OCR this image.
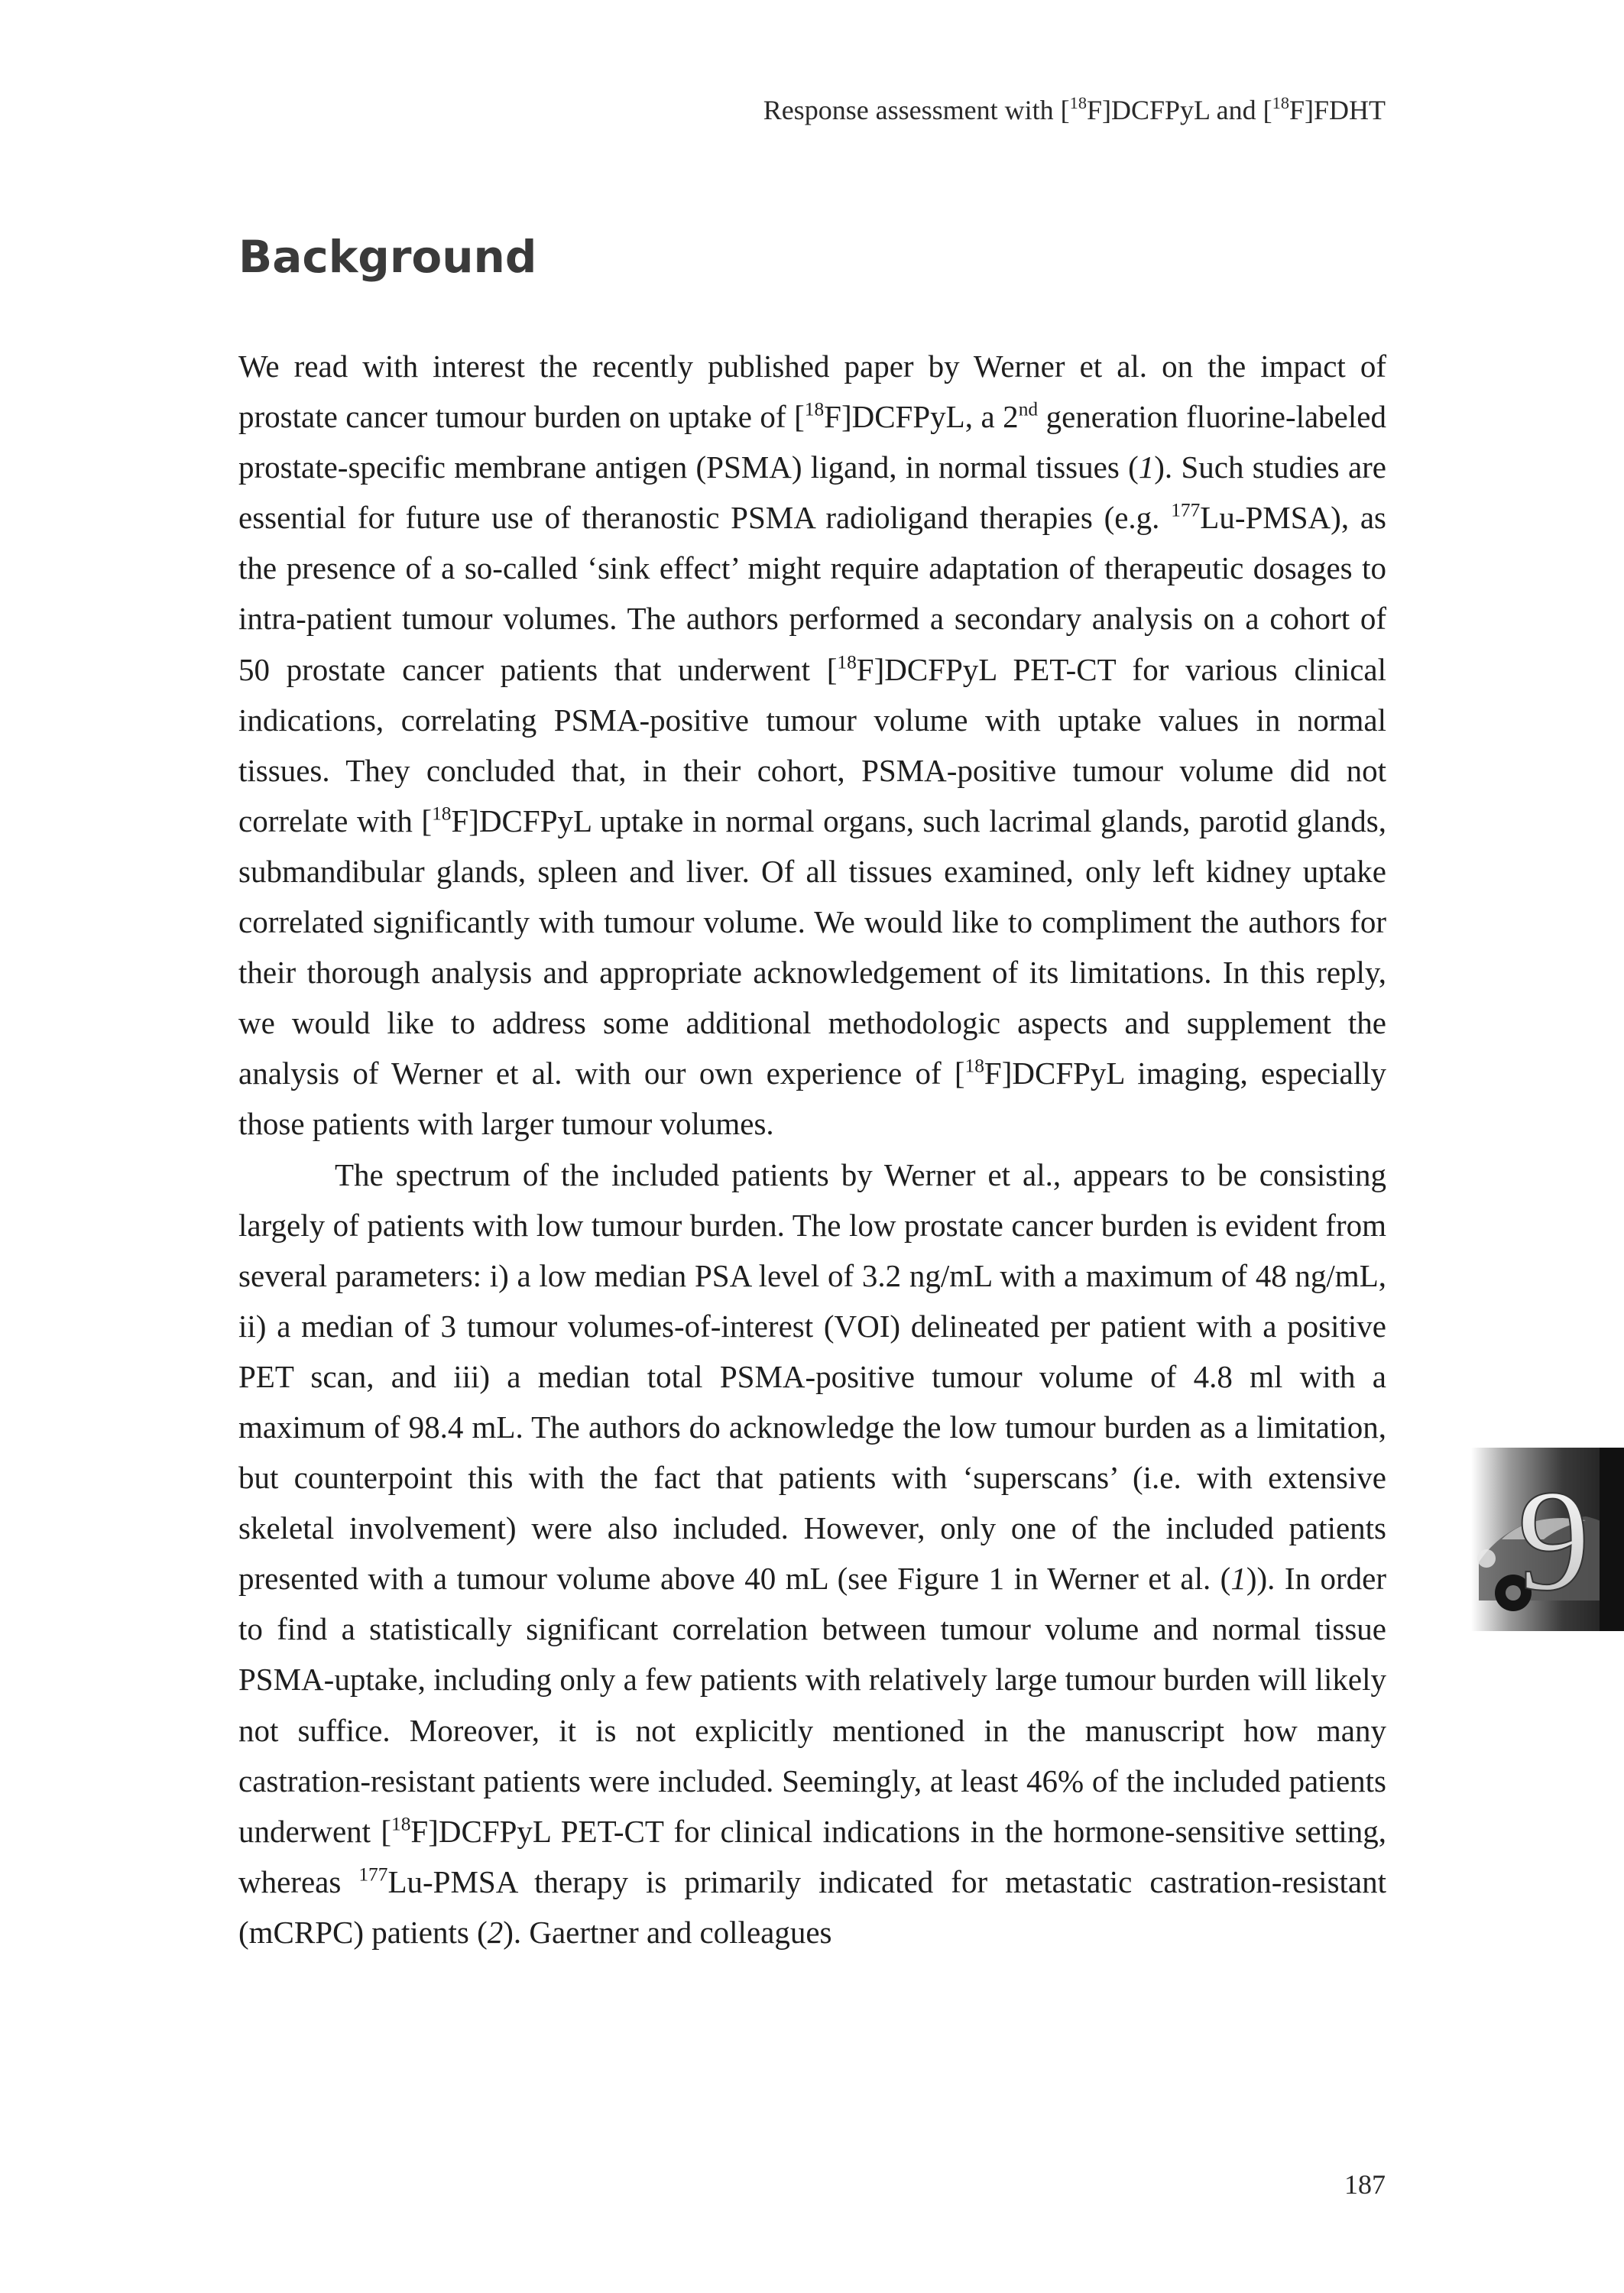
Response assessment with [$^{18}$F]DCFPyL and [$^{18}$F]FDHT
Background

We read with interest the recently published paper by Werner et al. on the impact of prostate cancer tumour burden on uptake of [$^{18}$F]DCFPyL, a 2nd generation fluorine-labeled prostate-specific membrane antigen (PSMA) ligand, in normal tissues (1). Such studies are essential for future use of theranostic PSMA radioligand therapies (e.g. $^{177}$Lu-PMSA), as the presence of a so-called ‘sink effect’ might require adaptation of therapeutic dosages to intra-patient tumour volumes. The authors performed a secondary analysis on a cohort of 50 prostate cancer patients that underwent [$^{18}$F]DCFPyL PET-CT for various clinical indications, correlating PSMA-positive tumour volume with uptake values in normal tissues. They concluded that, in their cohort, PSMA-positive tumour volume did not correlate with [$^{18}$F]DCFPyL uptake in normal organs, such lacrimal glands, parotid glands, submandibular glands, spleen and liver. Of all tissues examined, only left kidney uptake correlated significantly with tumour volume. We would like to compliment the authors for their thorough analysis and appropriate acknowledgement of its limitations. In this reply, we would like to address some additional methodologic aspects and supplement the analysis of Werner et al. with our own experience of [$^{18}$F]DCFPyL imaging, especially those patients with larger tumour volumes.

The spectrum of the included patients by Werner et al., appears to be consisting largely of patients with low tumour burden. The low prostate cancer burden is evident from several parameters: i) a low median PSA level of 3.2 ng/mL with a maximum of 48 ng/mL, ii) a median of 3 tumour volumes-of-interest (VOI) delineated per patient with a positive PET scan, and iii) a median total PSMA-positive tumour volume of 4.8 ml with a maximum of 98.4 mL. The authors do acknowledge the low tumour burden as a limitation, but counterpoint this with the fact that patients with ‘superscans’ (i.e. with extensive skeletal involvement) were also included. However, only one of the included patients presented with a tumour volume above 40 mL (see Figure 1 in Werner et al. (1)). In order to find a statistically significant correlation between tumour volume and normal tissue PSMA-uptake, including only a few patients with relatively large tumour burden will likely not suffice. Moreover, it is not explicitly mentioned in the manuscript how many castration-resistant patients were included. Seemingly, at least 46% of the included patients underwent [$^{18}$F]DCFPyL PET-CT for clinical indications in the hormone-sensitive setting, whereas $^{177}$Lu-PMSA therapy is primarily indicated for metastatic castration-resistant (mCRPC) patients (2). Gaertner and colleagues

9
187
